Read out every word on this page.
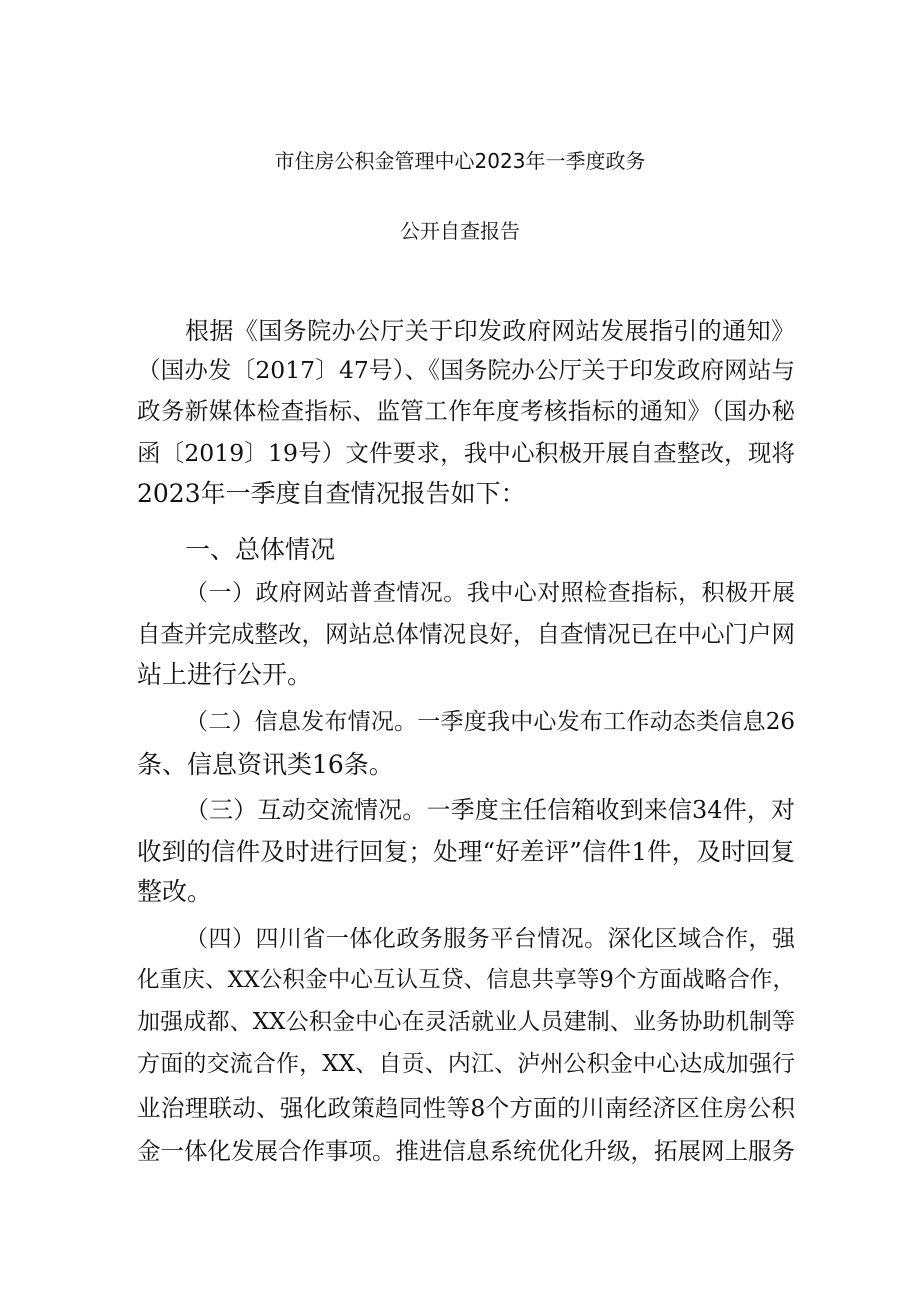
市住房公积金管理中心2023年一季度政务
公开自查报告
根据《国务院办公厅关于印发政府网站发展指引的通知》
（国办发〔2017〕47号）、《国务院办公厅关于印发政府网站与
政务新媒体检查指标、监管工作年度考核指标的通知》（国办秘
函〔2019〕19号）文件要求，我中心积极开展自查整改，现将
2023年一季度自查情况报告如下：
一、总体情况
（一）政府网站普查情况。我中心对照检查指标，积极开展
自查并完成整改，网站总体情况良好，自查情况已在中心门户网
站上进行公开。
（二）信息发布情况。一季度我中心发布工作动态类信息26
条、信息资讯类16条。
（三）互动交流情况。一季度主任信箱收到来信34件，对
收到的信件及时进行回复；处理“好差评”信件1件，及时回复
整改。
（四）四川省一体化政务服务平台情况。深化区域合作，强
化重庆、XX公积金中心互认互贷、信息共享等9个方面战略合作，
加强成都、XX公积金中心在灵活就业人员建制、业务协助机制等
方面的交流合作，XX、自贡、内江、泸州公积金中心达成加强行
业治理联动、强化政策趋同性等8个方面的川南经济区住房公积
金一体化发展合作事项。推进信息系统优化升级，拓展网上服务
